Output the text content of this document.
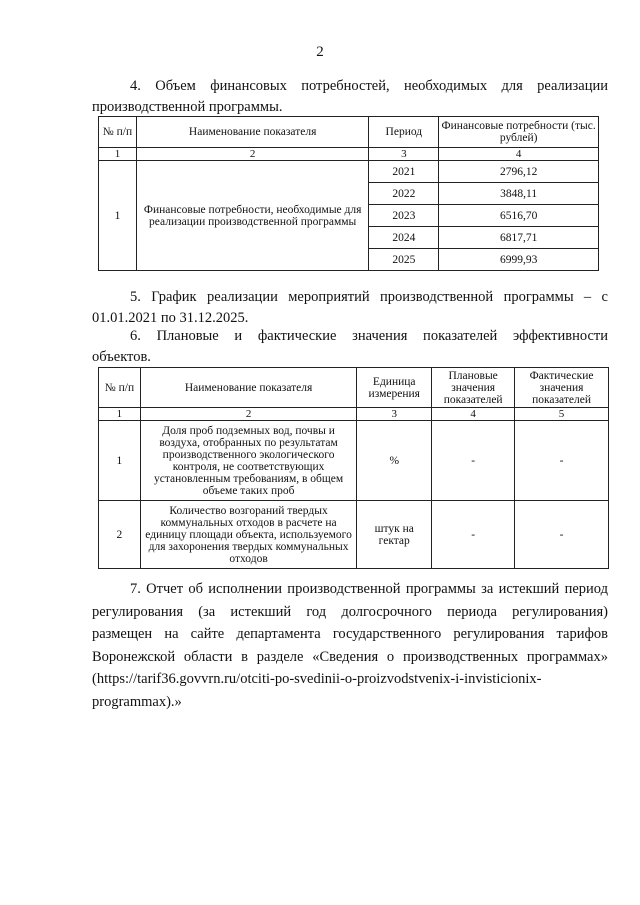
2
4. Объем финансовых потребностей, необходимых для реализации
производственной программы.
№ п/п	Наименование показателя	Период	Финансовые потребности (тыс. рублей)
1	2	3	4
1	Финансовые потребности, необходимые для реализации производственной программы	2021	2796,12
		2022	3848,11
		2023	6516,70
		2024	6817,71
		2025	6999,93
5. График реализации мероприятий производственной программы – с
01.01.2021 по 31.12.2025.
6. Плановые и фактические значения показателей эффективности
объектов.
№ п/п	Наименование показателя	Единица измерения	Плановые значения показателей	Фактические значения показателей
1	2	3	4	5
1	Доля проб подземных вод, почвы и воздуха, отобранных по результатам производственного экологического контроля, не соответствующих установленным требованиям, в общем объеме таких проб	%	-	-
2	Количество возгораний твердых коммунальных отходов в расчете на единицу площади объекта, используемого для захоронения твердых коммунальных отходов	штук на гектар	-	-
7. Отчет об исполнении производственной программы за истекший период
регулирования (за истекший год долгосрочного периода регулирования)
размещен на сайте департамента государственного регулирования тарифов
Воронежской области в разделе «Сведения о производственных программах»
(https://tarif36.govvrn.ru/otciti-po-svedinii-o-proizvodstvenix-i-invisticionix-
programmax).»
